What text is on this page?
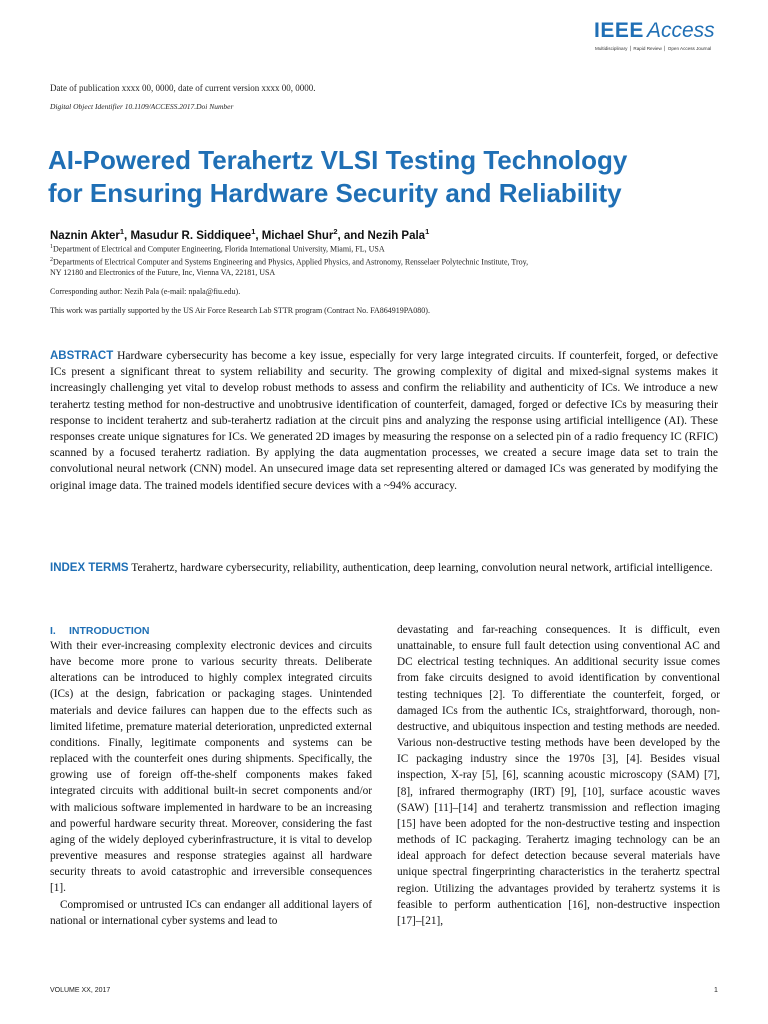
IEEE Access
Multidisciplinary ⎪ Rapid Review ⎪ Open Access Journal
Date of publication xxxx 00, 0000, date of current version xxxx 00, 0000.
Digital Object Identifier 10.1109/ACCESS.2017.Doi Number
AI-Powered Terahertz VLSI Testing Technology
for Ensuring Hardware Security and Reliability
Naznin Akter$^1$, Masudur R. Siddiquee$^1$, Michael Shur$^2$, and Nezih Pala$^1$
$^1$Department of Electrical and Computer Engineering, Florida International University, Miami, FL, USA
$^2$Departments of Electrical Computer and Systems Engineering and Physics, Applied Physics, and Astronomy, Rensselaer Polytechnic Institute, Troy,
NY 12180 and Electronics of the Future, Inc, Vienna VA, 22181, USA
Corresponding author: Nezih Pala (e-mail: npala@fiu.edu).
This work was partially supported by the US Air Force Research Lab STTR program (Contract No. FA864919PA080).

ABSTRACT Hardware cybersecurity has become a key issue, especially for very large integrated circuits. If counterfeit, forged, or defective ICs present a significant threat to system reliability and security. The growing complexity of digital and mixed-signal systems makes it increasingly challenging yet vital to develop robust methods to assess and confirm the reliability and authenticity of ICs. We introduce a new terahertz testing method for non-destructive and unobtrusive identification of counterfeit, damaged, forged or defective ICs by measuring their response to incident terahertz and sub-terahertz radiation at the circuit pins and analyzing the response using artificial intelligence (AI). These responses create unique signatures for ICs. We generated 2D images by measuring the response on a selected pin of a radio frequency IC (RFIC) scanned by a focused terahertz radiation. By applying the data augmentation processes, we created a secure image data set to train the convolutional neural network (CNN) model. An unsecured image data set representing altered or damaged ICs was generated by modifying the original image data. The trained models identified secure devices with a ~94% accuracy.

INDEX TERMS Terahertz, hardware cybersecurity, reliability, authentication, deep learning, convolution neural network, artificial intelligence.

I. INTRODUCTION

With their ever-increasing complexity electronic devices and circuits have become more prone to various security threats. Deliberate alterations can be introduced to highly complex integrated circuits (ICs) at the design, fabrication or packaging stages. Unintended materials and device failures can happen due to the effects such as limited lifetime, premature material deterioration, unpredicted external conditions. Finally, legitimate components and systems can be replaced with the counterfeit ones during shipments. Specifically, the growing use of foreign off-the-shelf components makes faked integrated circuits with additional built-in secret components and/or with malicious software implemented in hardware to be an increasing and powerful hardware security threat. Moreover, considering the fast aging of the widely deployed cyberinfrastructure, it is vital to develop preventive measures and response strategies against all hardware security threats to avoid catastrophic and irreversible consequences [1].

Compromised or untrusted ICs can endanger all additional layers of national or international cyber systems and lead to

devastating and far-reaching consequences. It is difficult, even unattainable, to ensure full fault detection using conventional AC and DC electrical testing techniques. An additional security issue comes from fake circuits designed to avoid identification by conventional testing techniques [2]. To differentiate the counterfeit, forged, or damaged ICs from the authentic ICs, straightforward, thorough, non-destructive, and ubiquitous inspection and testing methods are needed. Various non-destructive testing methods have been developed by the IC packaging industry since the 1970s [3], [4]. Besides visual inspection, X-ray [5], [6], scanning acoustic microscopy (SAM) [7], [8], infrared thermography (IRT) [9], [10], surface acoustic waves (SAW) [11]–[14] and terahertz transmission and reflection imaging [15] have been adopted for the non-destructive testing and inspection methods of IC packaging. Terahertz imaging technology can be an ideal approach for defect detection because several materials have unique spectral fingerprinting characteristics in the terahertz spectral region. Utilizing the advantages provided by terahertz systems it is feasible to perform authentication [16], non-destructive inspection [17]–[21],

VOLUME XX, 2017	1
